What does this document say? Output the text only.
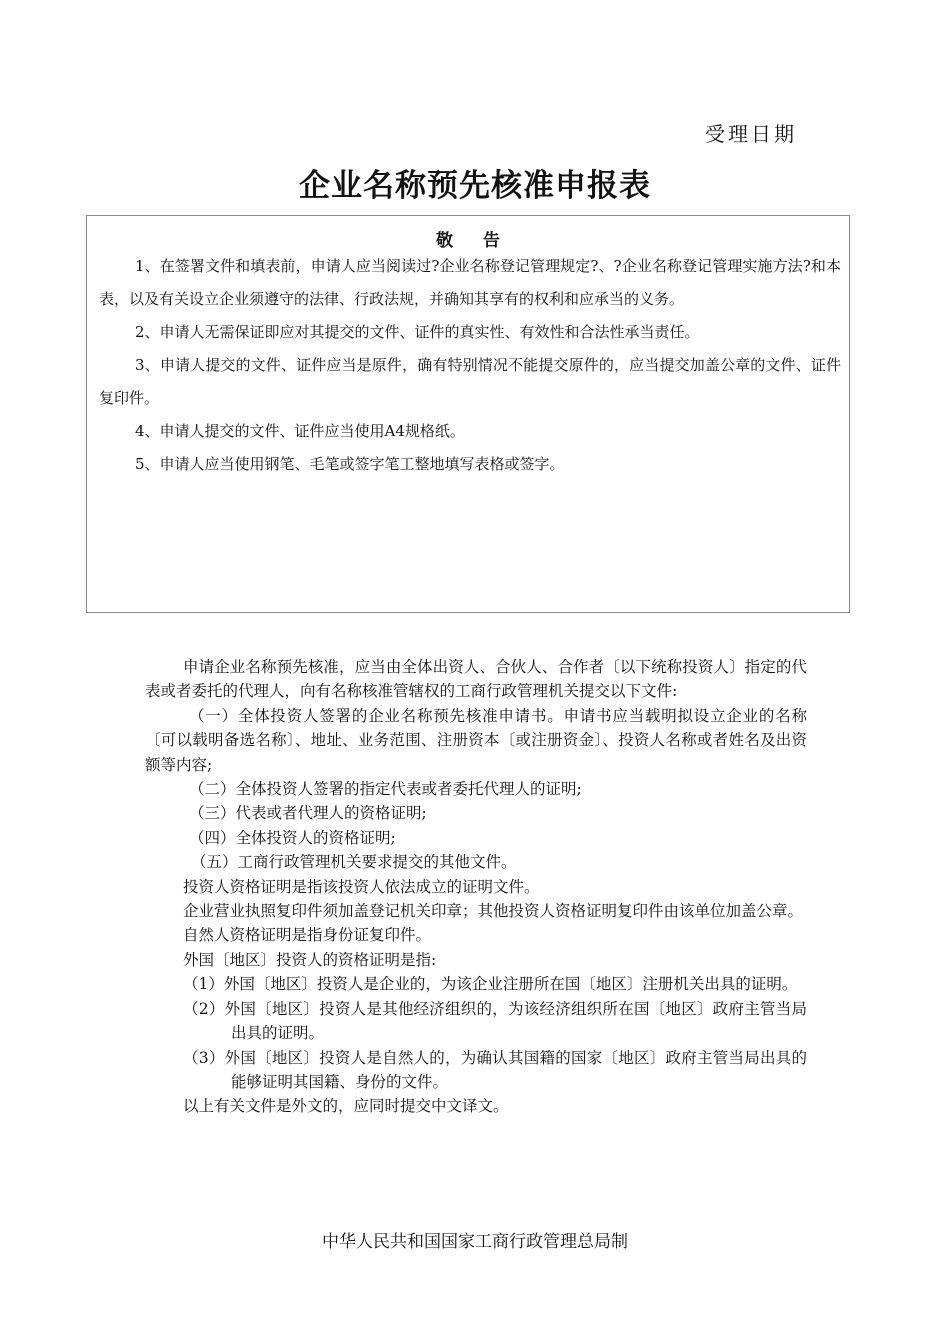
受理日期
企业名称预先核准申报表
敬告

1、在签署文件和填表前，申请人应当阅读过?企业名称登记管理规定?、?企业名称登记管理实施方法?和本表，以及有关设立企业须遵守的法律、行政法规，并确知其享有的权利和应承当的义务。

2、申请人无需保证即应对其提交的文件、证件的真实性、有效性和合法性承当责任。

3、申请人提交的文件、证件应当是原件，确有特别情况不能提交原件的，应当提交加盖公章的文件、证件复印件。

4、申请人提交的文件、证件应当使用A4规格纸。

5、申请人应当使用钢笔、毛笔或签字笔工整地填写表格或签字。

申请企业名称预先核准，应当由全体出资人、合伙人、合作者〔以下统称投资人〕指定的代表或者委托的代理人，向有名称核准管辖权的工商行政管理机关提交以下文件:

（一）全体投资人签署的企业名称预先核准申请书。申请书应当载明拟设立企业的名称〔可以载明备选名称〕、地址、业务范围、注册资本〔或注册资金〕、投资人名称或者姓名及出资额等内容;

（二）全体投资人签署的指定代表或者委托代理人的证明;

（三）代表或者代理人的资格证明;

（四）全体投资人的资格证明;

（五）工商行政管理机关要求提交的其他文件。

投资人资格证明是指该投资人依法成立的证明文件。

企业营业执照复印件须加盖登记机关印章；其他投资人资格证明复印件由该单位加盖公章。

自然人资格证明是指身份证复印件。

外国〔地区〕投资人的资格证明是指:

（1）外国〔地区〕投资人是企业的，为该企业注册所在国〔地区〕注册机关出具的证明。

（2）外国〔地区〕投资人是其他经济组织的，为该经济组织所在国〔地区〕政府主管当局出具的证明。

（3）外国〔地区〕投资人是自然人的，为确认其国籍的国家〔地区〕政府主管当局出具的能够证明其国籍、身份的文件。

以上有关文件是外文的，应同时提交中文译文。

中华人民共和国国家工商行政管理总局制
